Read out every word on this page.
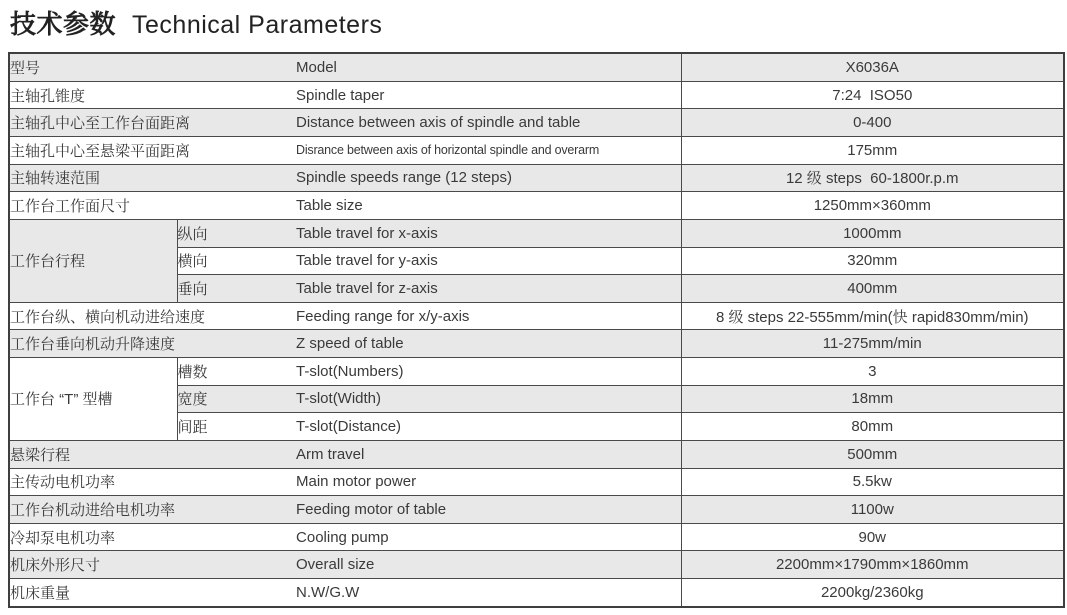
技术参数 Technical Parameters
型号		Model	X6036A
主轴孔锥度		Spindle taper	7:24  ISO50
主轴孔中心至工作台面距离		Distance between axis of spindle and table	0-400
主轴孔中心至悬梁平面距离		Disrance between axis of horizontal spindle and overarm	175mm
主轴转速范围		Spindle speeds range (12 steps)	12 级 steps  60-1800r.p.m
工作台工作面尺寸		Table size	1250mm×360mm
工作台行程	纵向	Table travel for x-axis	1000mm
	横向	Table travel for y-axis	320mm
	垂向	Table travel for z-axis	400mm
工作台纵、横向机动进给速度		Feeding range for x/y-axis	8 级 steps 22-555mm/min(快 rapid830mm/min)
工作台垂向机动升降速度		Z speed of table	11-275mm/min
工作台 “T” 型槽	槽数	T-slot(Numbers)	3
	宽度	T-slot(Width)	18mm
	间距	T-slot(Distance)	80mm
悬梁行程		Arm travel	500mm
主传动电机功率		Main motor power	5.5kw
工作台机动进给电机功率		Feeding motor of table	1100w
冷却泵电机功率		Cooling pump	90w
机床外形尺寸		Overall size	2200mm×1790mm×1860mm
机床重量		N.W/G.W	2200kg/2360kg
